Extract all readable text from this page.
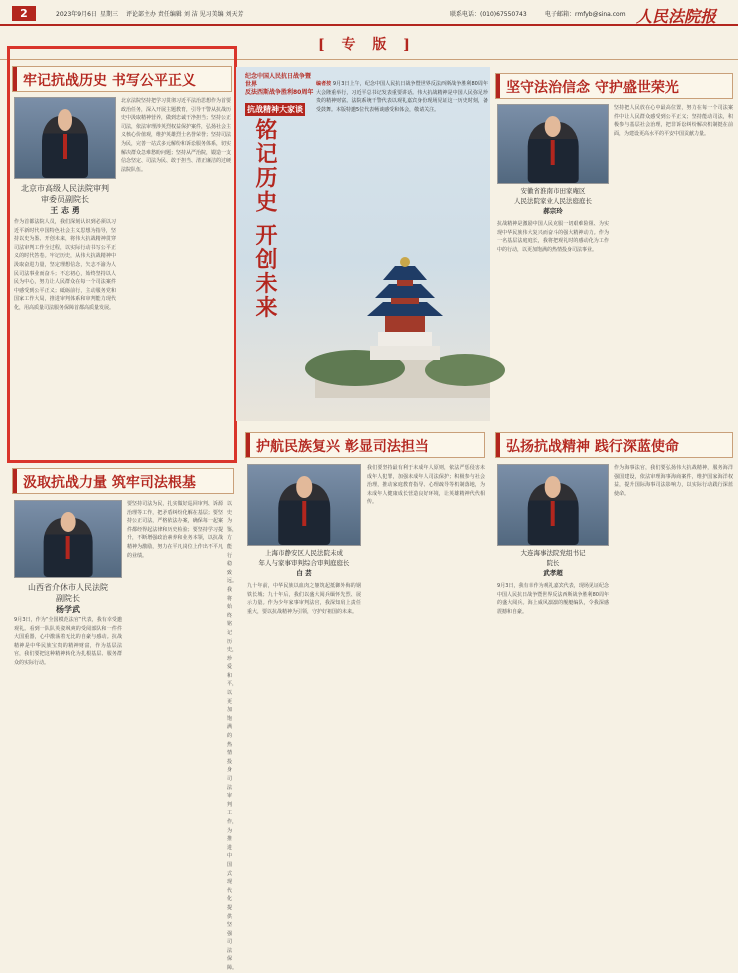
2	2023年9月6日 星期三 评论部主办 责任编辑 刘 洁 见习美编 刘天芳	联系电话：(010)67550743	电子邮箱：rmfyb@sina.com 人民法院报
[ 专 版 ]
牢记抗战历史 书写公平正义
北京市高级人民法院审判
审委员副院长
王 志 勇
作为首都法院人员，我们深刻认识到必须以习近平新时代中国特色社会主义思想为指导，坚持以史为鉴、开创未来，将伟大抗战精神贯穿司法审判工作全过程，以实际行动书写公平正义的时代答卷。牢记历史，从伟大抗战精神中汲取奋进力量，坚定理想信念，矢志不渝为人民司法事业而奋斗；不忘初心，始终坚持以人民为中心，努力让人民群众在每一个司法案件中感受到公平正义；砥砺前行，主动服务党和国家工作大局，推进审判体系和审判能力现代化，用高质量司法服务保障首都高质量发展。
北京法院坚持把学习贯彻习近平法治思想作为首要政治任务，深入开展主题教育，引导干警从抗战历史中汲取精神营养，做到忠诚干净担当；坚持公正司法，依法审理涉英烈权益保护案件，弘扬社会主义核心价值观，维护英雄烈士名誉荣誉；坚持司法为民，完善一站式多元解纷和诉讼服务体系，切实解决群众急难愁盼问题；坚持从严治院，锻造一支信念坚定、司法为民、敢于担当、清正廉洁的过硬法院队伍。
汲取抗战力量 筑牢司法根基
山西省介休市人民法院
副院长
杨学武
9月3日，作为“全国模范法官”代表，我有幸受邀观礼。看到一队队英姿飒爽的受阅部队和一件件大国重器，心中激荡着无比的自豪与感动。抗战精神是中华民族宝贵的精神财富，作为基层法官，我们要把这种精神转化为扎根基层、服务群众的实际行动。
要坚持司法为民，扎实做好巡回审判、诉源治理等工作，把矛盾纠纷化解在基层；要坚持公正司法，严格依法办案，确保每一起案件都经得起法律和历史检验；要坚持学习提升，不断增强政治素养和业务本领，以抗战精神为激励，努力在平凡岗位上作出不平凡的业绩。
以史为鉴，方能行稳致远。我将始终铭记历史，珍爱和平，以更加饱满的热情投身司法审判工作，为推进中国式现代化提供坚强司法保障。
纪念中国人民抗日战争暨世界
反法西斯战争胜利80周年
抗战精神大家谈
铭记历史 开创未来
编者按 9月3日上午，纪念中国人民抗日战争暨世界反法西斯战争胜利80周年大会隆重举行，习近平总书记发表重要讲话。伟大抗战精神是中国人民弥足珍贵的精神财富。法院系统干警代表以观礼嘉宾身份现场见证这一历史时刻，备受鼓舞。本版特邀5位代表畅谈感受和体会，敬请关注。
护航民族复兴 彰显司法担当
上海市静安区人民法院未成
年人与家事审判综合审判庭庭长
白 芸
九十年前，中华民族以血肉之躯筑起抵御外侮的钢铁长城；九十年后，我们以盛大阅兵缅怀先烈、展示力量。作为少年家事审判法官，我深知肩上责任重大，要以抗战精神为引领，守护好祖国的未来。
我们要坚持最有利于未成年人原则，依法严惩侵害未成年人犯罪，加强未成年人司法保护；积极参与社会治理，推动家庭教育指导、心理疏导等机制落地，为未成年人健康成长营造良好环境，让英雄精神代代相传。
坚守法治信念 守护盛世荣光
安徽省淮南市田家庵区
人民法院家业人民法庭庭长
郝宗玲
抗战精神是激励中国人民克服一切艰难险阻、为实现中华民族伟大复兴而奋斗的强大精神动力。作为一名基层法庭庭长，我将把观礼时的感动化为工作中的行动，以更加饱满的热情投身司法事业。
坚持把人民放在心中最高位置，努力在每一个司法案件中让人民群众感受到公平正义；坚持能动司法，积极参与基层社会治理，把非诉讼纠纷解决机制挺在前面，为建设更高水平的平安中国贡献力量。
弘扬抗战精神 践行深蓝使命
大连海事法院党组书记
院长
武孝超
9月3日，我有幸作为观礼嘉宾代表，现场见证纪念中国人民抗日战争暨世界反法西斯战争胜利80周年的盛大阅兵。海上威风凛凛的舰艇编队，令我深感震撼和自豪。
作为海事法官，我们要弘扬伟大抗战精神，服务海洋强国建设，依法审理海事海商案件，维护国家海洋权益，提升国际海事司法影响力，以实际行动践行深蓝使命。
